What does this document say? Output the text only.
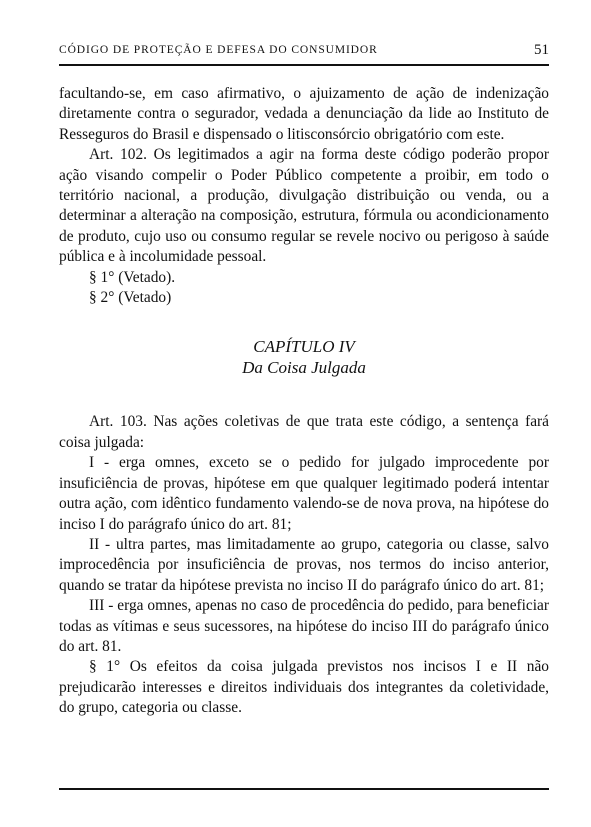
CÓDIGO DE PROTEÇÃO E DEFESA DO CONSUMIDOR	51

facultando-se, em caso afirmativo, o ajuizamento de ação de indenização diretamente contra o segurador, vedada a denunciação da lide ao Instituto de Resseguros do Brasil e dispensado o litisconsórcio obrigatório com este.

Art. 102. Os legitimados a agir na forma deste código poderão propor ação visando compelir o Poder Público competente a proibir, em todo o território nacional, a produção, divulgação distribuição ou venda, ou a determinar a alteração na composição, estrutura, fórmula ou acondicionamento de produto, cujo uso ou consumo regular se revele nocivo ou perigoso à saúde pública e à incolumidade pessoal.

§ 1° (Vetado).

§ 2° (Vetado)

CAPÍTULO IV

Da Coisa Julgada

Art. 103. Nas ações coletivas de que trata este código, a sentença fará coisa julgada:

I - erga omnes, exceto se o pedido for julgado improcedente por insuficiência de provas, hipótese em que qualquer legitimado poderá intentar outra ação, com idêntico fundamento valendo-se de nova prova, na hipótese do inciso I do parágrafo único do art. 81;

II - ultra partes, mas limitadamente ao grupo, categoria ou classe, salvo improcedência por insuficiência de provas, nos termos do inciso anterior, quando se tratar da hipótese prevista no inciso II do parágrafo único do art. 81;

III - erga omnes, apenas no caso de procedência do pedido, para beneficiar todas as vítimas e seus sucessores, na hipótese do inciso III do parágrafo único do art. 81.

§ 1° Os efeitos da coisa julgada previstos nos incisos I e II não prejudicarão interesses e direitos individuais dos integrantes da coletividade, do grupo, categoria ou classe.
